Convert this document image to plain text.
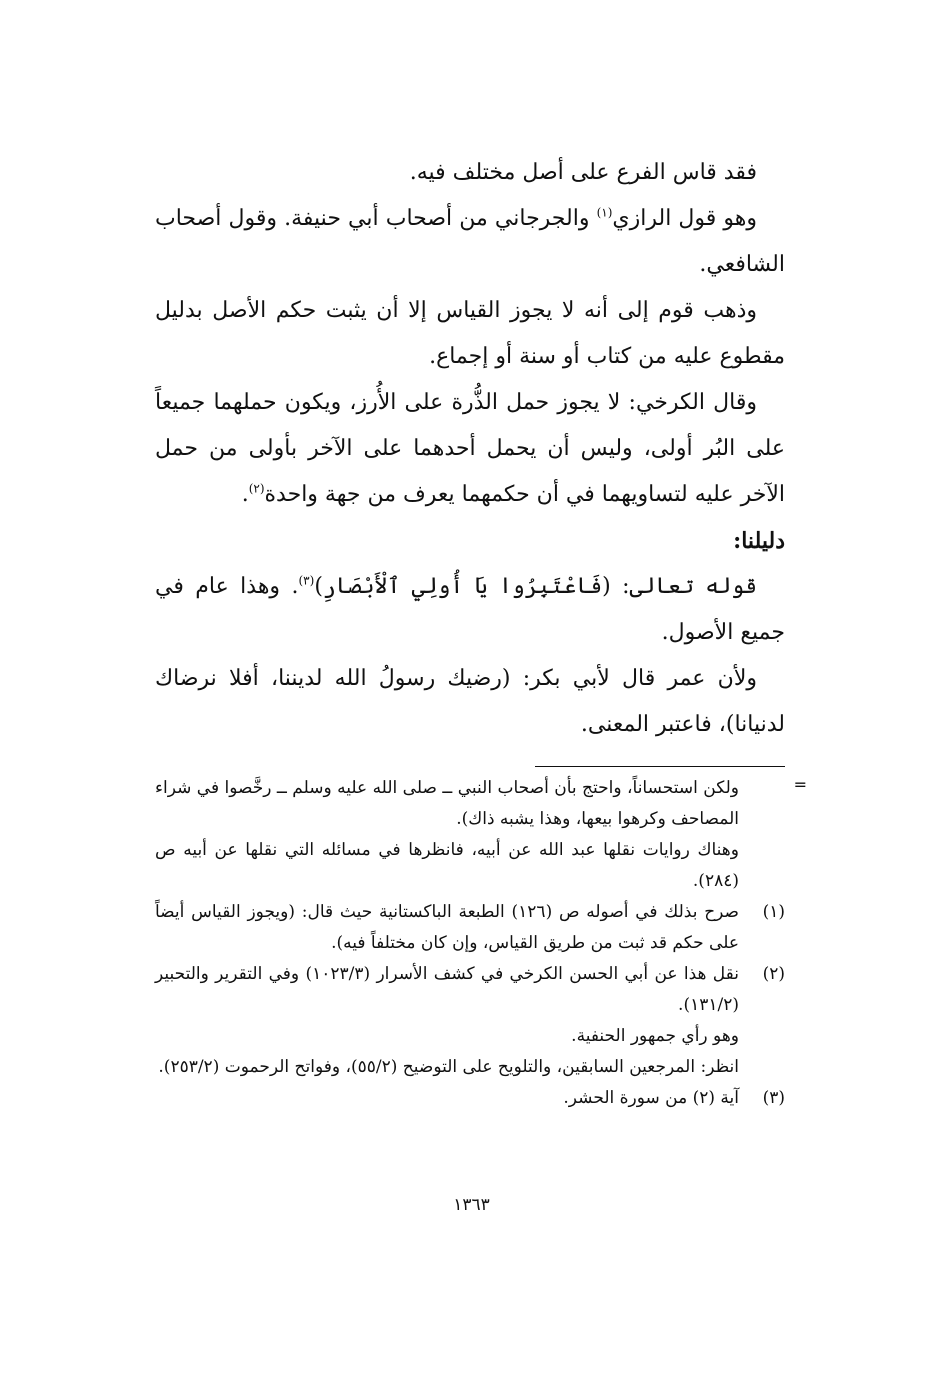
فقد قاس الفرع على أصل مختلف فيه.

وهو قول الرازي$^{(١)}$ والجرجاني من أصحاب أبي حنيفة. وقول أصحاب الشافعي.

وذهب قوم إلى أنه لا يجوز القياس إلا أن يثبت حكم الأصل بدليل مقطوع عليه من كتاب أو سنة أو إجماع.

وقال الكرخي: لا يجوز حمل الذُّرة على الأُرز، ويكون حملهما جميعاً على البُر أولى، وليس أن يحمل أحدهما على الآخر بأولى من حمل الآخر عليه لتساويهما في أن حكمهما يعرف من جهة واحدة$^{(٢)}$.

دليلنا:

قوله تعالى: (فَاعْتَبِرُوا يَا أُولِي ٱلْأَبْصَارِ)$^{(٣)}$. وهذا عام في جميع الأصول.

ولأن عمر قال لأبي بكر: (رضيك رسولُ الله لديننا، أفلا نرضاك لدنيانا)، فاعتبر المعنى.

=

ولكن استحساناً، واحتج بأن أصحاب النبي ــ صلى الله عليه وسلم ــ رخَّصوا في شراء المصاحف وكرهوا بيعها، وهذا يشبه ذاك).

وهناك روايات نقلها عبد الله عن أبيه، فانظرها في مسائله التي نقلها عن أبيه ص (٢٨٤).

(١)

صرح بذلك في أصوله ص (١٢٦) الطبعة الباكستانية حيث قال: (ويجوز القياس أيضاً على حكم قد ثبت من طريق القياس، وإن كان مختلفاً فيه).

(٢)

نقل هذا عن أبي الحسن الكرخي في كشف الأسرار (١٠٢٣/٣) وفي التقرير والتحبير (١٣١/٢).

وهو رأي جمهور الحنفية.

انظر: المرجعين السابقين، والتلويح على التوضيح (٥٥/٢)، وفواتح الرحموت (٢٥٣/٢).

(٣)

آية (٢) من سورة الحشر.

١٣٦٣
